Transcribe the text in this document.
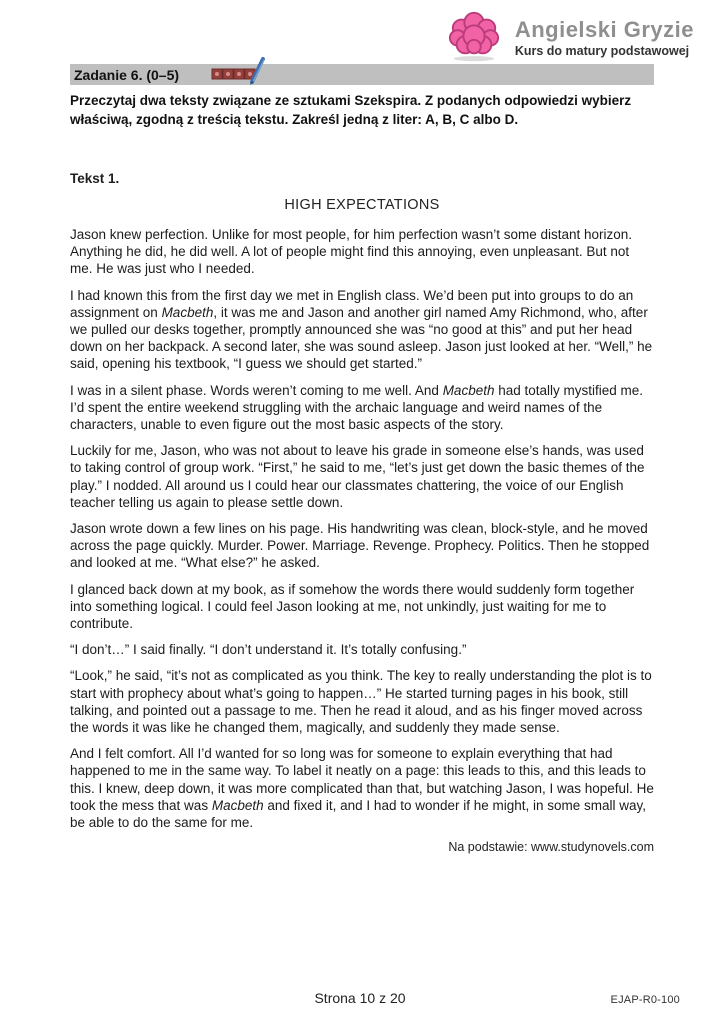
Angielski Gryzie
Kurs do matury podstawowej
Zadanie 6. (0–5)
Przeczytaj dwa teksty związane ze sztukami Szekspira. Z podanych odpowiedzi wybierz właściwą, zgodną z treścią tekstu. Zakreśl jedną z liter: A, B, C albo D.
Tekst 1.
HIGH EXPECTATIONS

Jason knew perfection. Unlike for most people, for him perfection wasn’t some distant horizon. Anything he did, he did well. A lot of people might find this annoying, even unpleasant. But not me. He was just who I needed.

I had known this from the first day we met in English class. We’d been put into groups to do an assignment on Macbeth, it was me and Jason and another girl named Amy Richmond, who, after we pulled our desks together, promptly announced she was “no good at this” and put her head down on her backpack. A second later, she was sound asleep. Jason just looked at her. “Well,” he said, opening his textbook, “I guess we should get started.”

I was in a silent phase. Words weren’t coming to me well. And Macbeth had totally mystified me. I’d spent the entire weekend struggling with the archaic language and weird names of the characters, unable to even figure out the most basic aspects of the story.

Luckily for me, Jason, who was not about to leave his grade in someone else’s hands, was used to taking control of group work. “First,” he said to me, “let’s just get down the basic themes of the play.” I nodded. All around us I could hear our classmates chattering, the voice of our English teacher telling us again to please settle down.

Jason wrote down a few lines on his page. His handwriting was clean, block-style, and he moved across the page quickly. Murder. Power. Marriage. Revenge. Prophecy. Politics. Then he stopped and looked at me. “What else?” he asked.

I glanced back down at my book, as if somehow the words there would suddenly form together into something logical. I could feel Jason looking at me, not unkindly, just waiting for me to contribute.

“I don’t…” I said finally. “I don’t understand it. It’s totally confusing.”

“Look,” he said, “it’s not as complicated as you think. The key to really understanding the plot is to start with prophecy about what’s going to happen…” He started turning pages in his book, still talking, and pointed out a passage to me. Then he read it aloud, and as his finger moved across the words it was like he changed them, magically, and suddenly they made sense.

And I felt comfort. All I’d wanted for so long was for someone to explain everything that had happened to me in the same way. To label it neatly on a page: this leads to this, and this leads to this. I knew, deep down, it was more complicated than that, but watching Jason, I was hopeful. He took the mess that was Macbeth and fixed it, and I had to wonder if he might, in some small way, be able to do the same for me.

Na podstawie: www.studynovels.com
Strona 10 z 20	EJAP-R0-100
